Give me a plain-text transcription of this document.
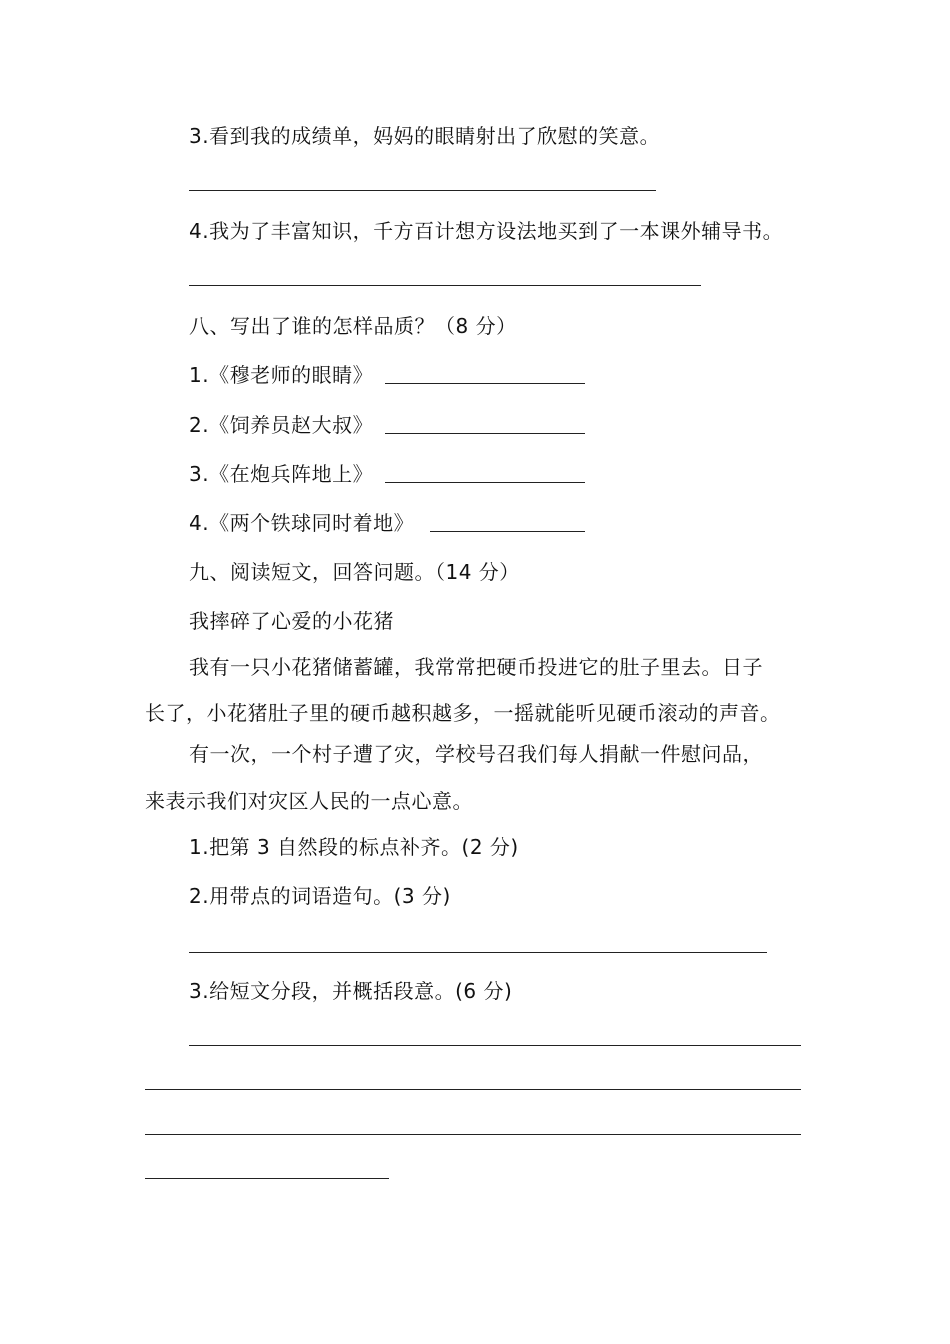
3.看到我的成绩单，妈妈的眼睛射出了欣慰的笑意。
4.我为了丰富知识，千方百计想方设法地买到了一本课外辅导书。
八、写出了谁的怎样品质？（8 分）
1.《穆老师的眼睛》
2.《饲养员赵大叔》
3.《在炮兵阵地上》
4.《两个铁球同时着地》
九、阅读短文，回答问题。（14 分）
我摔碎了心爱的小花猪
我有一只小花猪储蓄罐，我常常把硬币投进它的肚子里去。日子
长了，小花猪肚子里的硬币越积越多，一摇就能听见硬币滚动的声音。
有一次，一个村子遭了灾，学校号召我们每人捐献一件慰问品，
来表示我们对灾区人民的一点心意。
1.把第 3 自然段的标点补齐。(2 分)
2.用带点的词语造句。(3 分)
3.给短文分段，并概括段意。(6 分)
